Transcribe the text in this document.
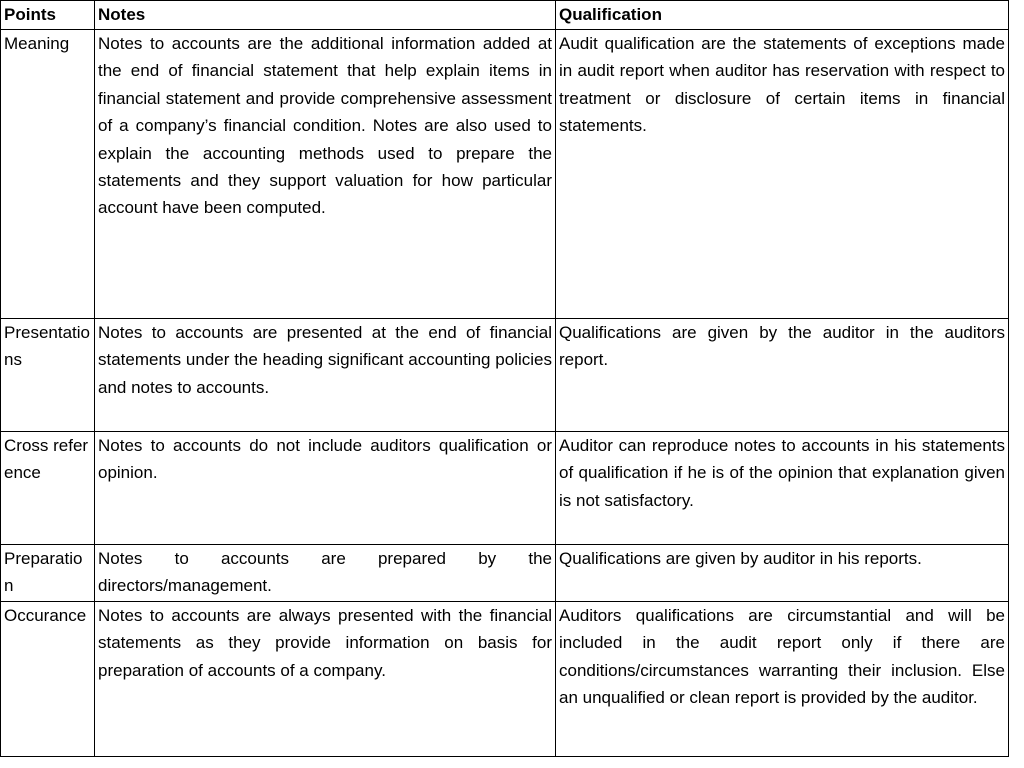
Points	Notes	Qualification
Meaning	Notes to accounts are the additional information added at the end of financial statement that help explain items in financial statement and provide comprehensive assessment of a company’s financial condition. Notes are also used to explain the accounting methods used to prepare the statements and they support valuation for how particular account have been computed.	Audit qualification are the statements of exceptions made in audit report when auditor has reservation with respect to treatment or disclosure of certain items in financial statements.
Presentations	Notes to accounts are presented at the end of financial statements under the heading significant accounting policies and notes to accounts.	Qualifications are given by the auditor in the auditors report.
Cross reference	Notes to accounts do not include auditors qualification or opinion.	Auditor can reproduce notes to accounts in his statements of qualification if he is of the opinion that explanation given is not satisfactory.
Preparation	Notes to accounts are prepared by the directors/management.	Qualifications are given by auditor in his reports.
Occurance	Notes to accounts are always presented with the financial statements as they provide information on basis for preparation of accounts of a company.	Auditors qualifications are circumstantial and will be included in the audit report only if there are conditions/circumstances warranting their inclusion. Else an unqualified or clean report is provided by the auditor.
